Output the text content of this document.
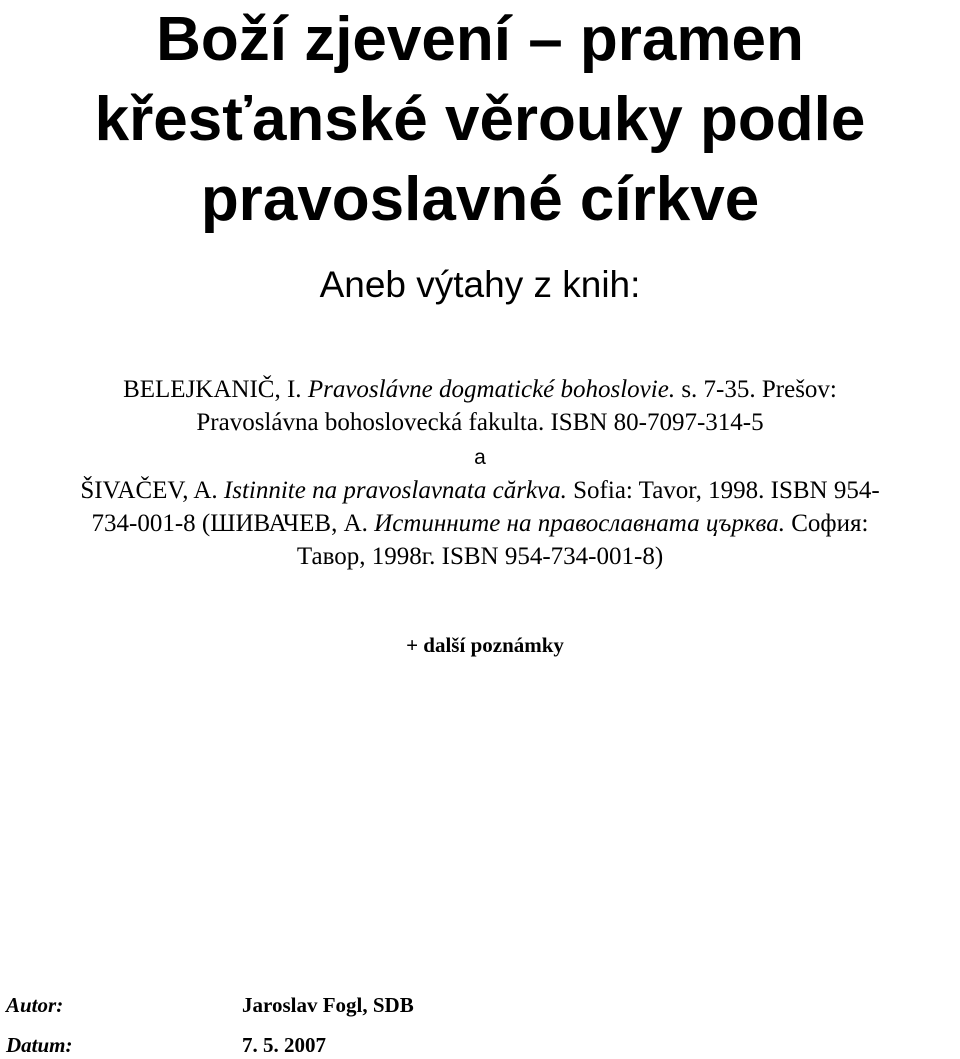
Boží zjevení – pramen
křesťanské věrouky podle
pravoslavné církve
Aneb výtahy z knih:
BELEJKANIČ, I. Pravoslávne dogmatické bohoslovie. s. 7-35. Prešov:
Pravoslávna bohoslovecká fakulta. ISBN 80-7097-314-5
a
ŠIVAČEV, A. Istinnite na pravoslavnata cărkva. Sofia: Tavor, 1998. ISBN 954-
734-001-8 (ШИВАЧЕВ, А. Истинните на православната църква. София:
Тавор, 1998г. ISBN 954-734-001-8)
+ další poznámky
Autor:	Jaroslav Fogl, SDB
Datum:	7. 5. 2007
